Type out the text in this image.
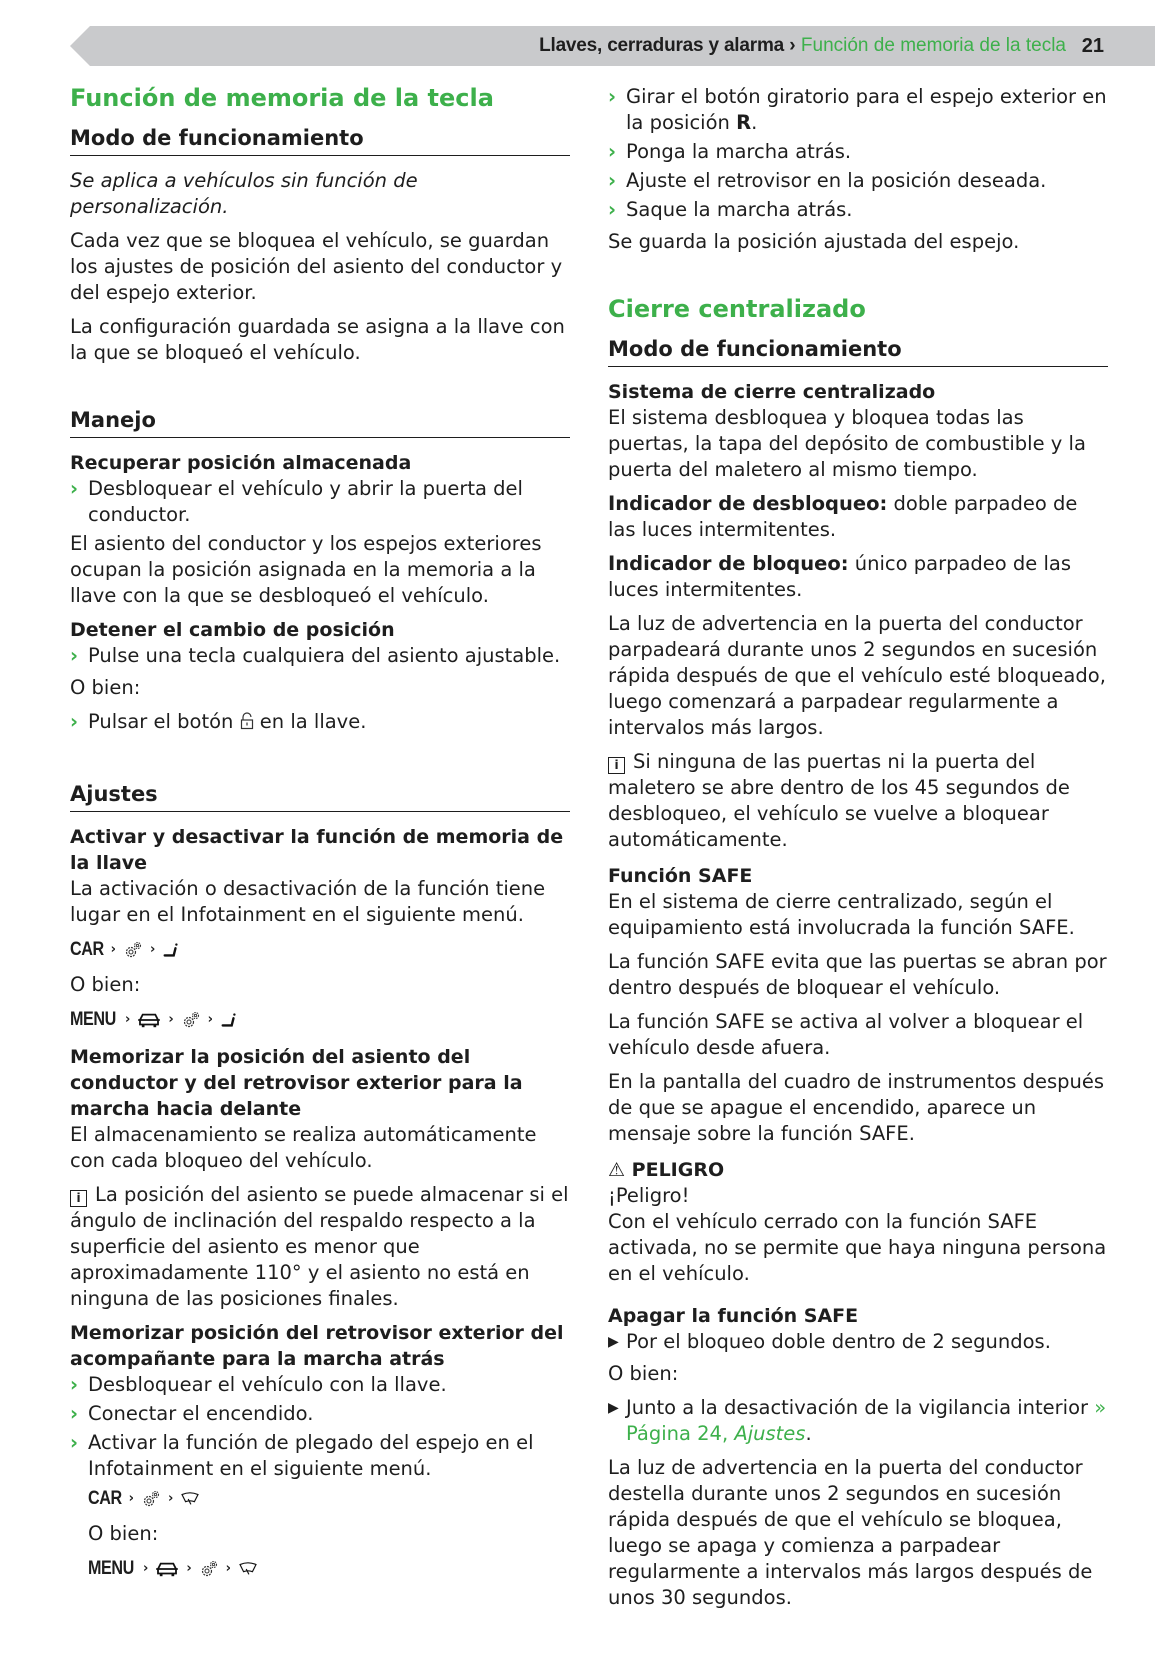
Llaves, cerraduras y alarma › Función de memoria de la tecla 21
Función de memoria de la tecla
Modo de funcionamiento

Se aplica a vehículos sin función de personalización.

Cada vez que se bloquea el vehículo, se guardan los ajustes de posición del asiento del conductor y del espejo exterior.

La configuración guardada se asigna a la llave con la que se bloqueó el vehículo.

Manejo
Recuperar posición almacenada
› Desbloquear el vehículo y abrir la puerta del conductor.

El asiento del conductor y los espejos exteriores ocupan la posición asignada en la memoria a la llave con la que se desbloqueó el vehículo.

Detener el cambio de posición
› Pulse una tecla cualquiera del asiento ajustable.

O bien:

› Pulsar el botón en la llave.
Ajustes
Activar y desactivar la función de memoria de la llave

La activación o desactivación de la función tiene lugar en el Infotainment en el siguiente menú.

CAR ›	›

O bien:

MENU ›	›	›
Memorizar la posición del asiento del conductor y del retrovisor exterior para la marcha hacia delante

El almacenamiento se realiza automáticamente con cada bloqueo del vehículo.

i La posición del asiento se puede almacenar si el ángulo de inclinación del respaldo respecto a la superficie del asiento es menor que aproximadamente 110° y el asiento no está en ninguna de las posiciones finales.

Memorizar posición del retrovisor exterior del acompañante para la marcha atrás
› Desbloquear el vehículo con la llave.
› Conectar el encendido.
› Activar la función de plegado del espejo en el Infotainment en el siguiente menú.
CAR ›	›

O bien:

MENU ›	›	›
› Girar el botón giratorio para el espejo exterior en la posición R.
› Ponga la marcha atrás.
› Ajuste el retrovisor en la posición deseada.
› Saque la marcha atrás.

Se guarda la posición ajustada del espejo.

Cierre centralizado
Modo de funcionamiento
Sistema de cierre centralizado

El sistema desbloquea y bloquea todas las puertas, la tapa del depósito de combustible y la puerta del maletero al mismo tiempo.

Indicador de desbloqueo: doble parpadeo de las luces intermitentes.

Indicador de bloqueo: único parpadeo de las luces intermitentes.

La luz de advertencia en la puerta del conductor parpadeará durante unos 2 segundos en sucesión rápida después de que el vehículo esté bloqueado, luego comenzará a parpadear regularmente a intervalos más largos.

i Si ninguna de las puertas ni la puerta del maletero se abre dentro de los 45 segundos de desbloqueo, el vehículo se vuelve a bloquear automáticamente.

Función SAFE

En el sistema de cierre centralizado, según el equipamiento está involucrada la función SAFE.

La función SAFE evita que las puertas se abran por dentro después de bloquear el vehículo.

La función SAFE se activa al volver a bloquear el vehículo desde afuera.

En la pantalla del cuadro de instrumentos después de que se apague el encendido, aparece un mensaje sobre la función SAFE.

⚠ PELIGRO
¡Peligro!
Con el vehículo cerrado con la función SAFE activada, no se permite que haya ninguna persona en el vehículo.
Apagar la función SAFE
▶ Por el bloqueo doble dentro de 2 segundos.

O bien:

▶ Junto a la desactivación de la vigilancia interior » Página 24, Ajustes.

La luz de advertencia en la puerta del conductor destella durante unos 2 segundos en sucesión rápida después de que el vehículo se bloquea, luego se apaga y comienza a parpadear regularmente a intervalos más largos después de unos 30 segundos.
